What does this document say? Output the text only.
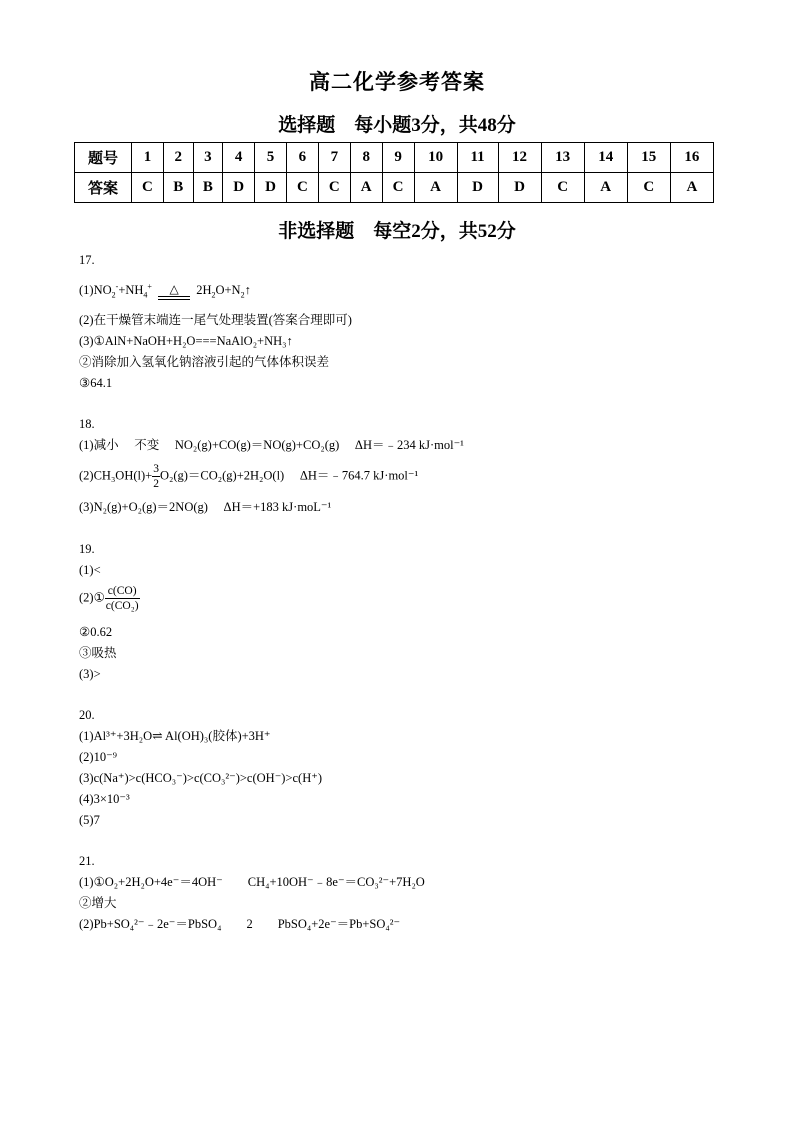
高二化学参考答案
选择题　每小题3分，共48分
题号	1	2	3	4	5	6	7	8	9	10	11	12	13	14	15	16
答案	C	B	B	D	D	C	C	A	C	A	D	D	C	A	C	A
非选择题　每空2分，共52分
17.
$(1)NO_2^-+NH_4^+$	△	$2H_2O+N_2↑$
(2)在干燥管末端连一尾气处理装置(答案合理即可)
(3)①AlN+NaOH+H₂O===NaAlO₂+NH₃↑
②消除加入氢氧化钠溶液引起的气体体积误差
③64.1
18.
(1)减小　 不变　 NO₂(g)+CO(g)＝NO(g)+CO₂(g)　 ΔH＝﹣234 kJ·mol⁻¹
$(2)CH_3OH(l)+ \frac{3}{2} O_2(g)=CO_2(g)+2H_2O(l)$　 ΔH＝﹣764.7 kJ·mol⁻¹
(3)N₂(g)+O₂(g)＝2NO(g)　 ΔH＝+183 kJ·moL⁻¹
19.
(1)<
(2)① $\frac{c(CO)}{\text{c(CO₂)}}$
②0.62
③吸热
(3)>
20.
(1)Al³⁺+3H₂O⇌ Al(OH)₃(胶体)+3H⁺
(2)10⁻⁹
(3)c(Na⁺)>c(HCO₃⁻)>c(CO₃²⁻)>c(OH⁻)>c(H⁺)
(4)3×10⁻³
(5)7
21.
(1)①O₂+2H₂O+4e⁻＝4OH⁻　　CH₄+10OH⁻﹣8e⁻＝CO₃²⁻+7H₂O
②增大
(2)Pb+SO₄²⁻﹣2e⁻＝PbSO₄　　2　　PbSO₄+2e⁻＝Pb+SO₄²⁻
